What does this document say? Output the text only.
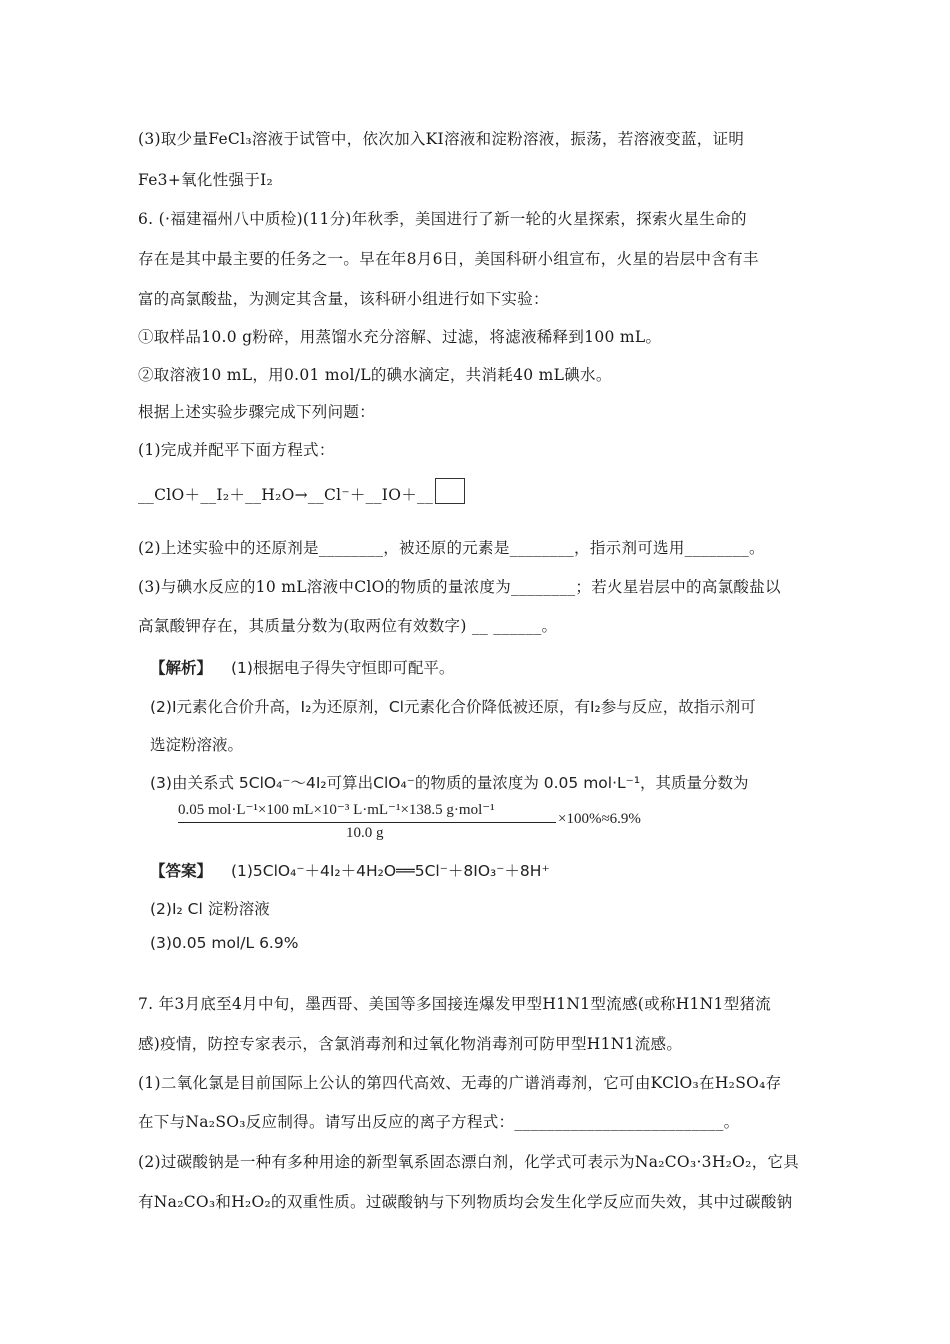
(3)取少量FeCl₃溶液于试管中，依次加入KI溶液和淀粉溶液，振荡，若溶液变蓝，证明
Fe3+氧化性强于I₂
6. (·福建福州八中质检)(11分)年秋季，美国进行了新一轮的火星探索，探索火星生命的
存在是其中最主要的任务之一。早在年8月6日，美国科研小组宣布，火星的岩层中含有丰
富的高氯酸盐，为测定其含量，该科研小组进行如下实验：
①取样品10.0 g粉碎，用蒸馏水充分溶解、过滤，将滤液稀释到100 mL。
②取溶液10 mL，用0.01 mol/L的碘水滴定，共消耗40 mL碘水。
根据上述实验步骤完成下列问题：
(1)完成并配平下面方程式：
__ClO＋__I₂＋__H₂O→__Cl⁻＋__IO＋__
(2)上述实验中的还原剂是________，被还原的元素是________，指示剂可选用________。
(3)与碘水反应的10 mL溶液中ClO的物质的量浓度为________；若火星岩层中的高氯酸盐以
高氯酸钾存在，其质量分数为(取两位有效数字) __ ______。
【解析】 (1)根据电子得失守恒即可配平。
(2)I元素化合价升高，I₂为还原剂，Cl元素化合价降低被还原，有I₂参与反应，故指示剂可
选淀粉溶液。
(3)由关系式 5ClO₄⁻～4I₂可算出ClO₄⁻的物质的量浓度为 0.05 mol·L⁻¹，其质量分数为
0.05 mol·L⁻¹×100 mL×10⁻³ L·mL⁻¹×138.5 g·mol⁻¹
10.0 g
×100%≈6.9%
【答案】 (1)5ClO₄⁻＋4I₂＋4H₂O══5Cl⁻＋8IO₃⁻＋8H⁺
(2)I₂ Cl 淀粉溶液
(3)0.05 mol/L 6.9%
7. 年3月底至4月中旬，墨西哥、美国等多国接连爆发甲型H1N1型流感(或称H1N1型猪流
感)疫情，防控专家表示，含氯消毒剂和过氧化物消毒剂可防甲型H1N1流感。
(1)二氧化氯是目前国际上公认的第四代高效、无毒的广谱消毒剂，它可由KClO₃在H₂SO₄存
在下与Na₂SO₃反应制得。请写出反应的离子方程式：__________________________。
(2)过碳酸钠是一种有多种用途的新型氧系固态漂白剂，化学式可表示为Na₂CO₃·3H₂O₂，它具
有Na₂CO₃和H₂O₂的双重性质。过碳酸钠与下列物质均会发生化学反应而失效，其中过碳酸钠
